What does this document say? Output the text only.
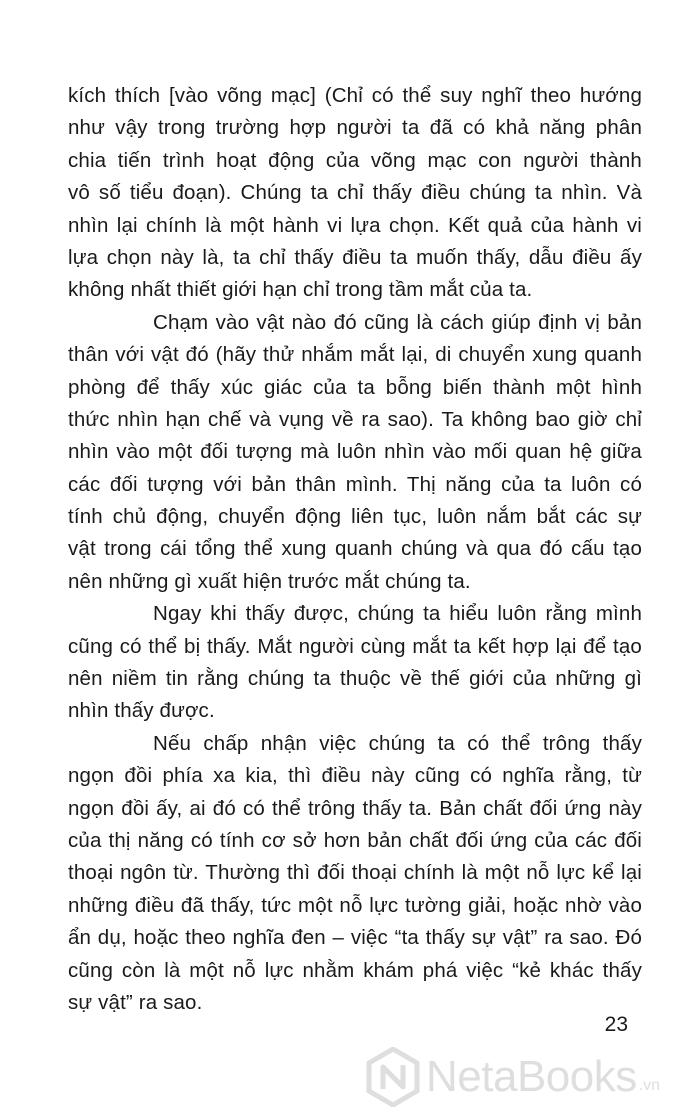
kích thích [vào võng mạc] (Chỉ có thể suy nghĩ theo hướng
như vậy trong trường hợp người ta đã có khả năng phân
chia tiến trình hoạt động của võng mạc con người thành
vô số tiểu đoạn). Chúng ta chỉ thấy điều chúng ta nhìn. Và
nhìn lại chính là một hành vi lựa chọn. Kết quả của hành vi
lựa chọn này là, ta chỉ thấy điều ta muốn thấy, dẫu điều ấy
không nhất thiết giới hạn chỉ trong tầm mắt của ta.
Chạm vào vật nào đó cũng là cách giúp định vị bản
thân với vật đó (hãy thử nhắm mắt lại, di chuyển xung quanh
phòng để thấy xúc giác của ta bỗng biến thành một hình
thức nhìn hạn chế và vụng về ra sao). Ta không bao giờ chỉ
nhìn vào một đối tượng mà luôn nhìn vào mối quan hệ giữa
các đối tượng với bản thân mình. Thị năng của ta luôn có
tính chủ động, chuyển động liên tục, luôn nắm bắt các sự
vật trong cái tổng thể xung quanh chúng và qua đó cấu tạo
nên những gì xuất hiện trước mắt chúng ta.
Ngay khi thấy được, chúng ta hiểu luôn rằng mình
cũng có thể bị thấy. Mắt người cùng mắt ta kết hợp lại để tạo
nên niềm tin rằng chúng ta thuộc về thế giới của những gì
nhìn thấy được.
Nếu chấp nhận việc chúng ta có thể trông thấy
ngọn đồi phía xa kia, thì điều này cũng có nghĩa rằng, từ
ngọn đồi ấy, ai đó có thể trông thấy ta. Bản chất đối ứng này
của thị năng có tính cơ sở hơn bản chất đối ứng của các đối
thoại ngôn từ. Thường thì đối thoại chính là một nỗ lực kể lại
những điều đã thấy, tức một nỗ lực tường giải, hoặc nhờ vào
ẩn dụ, hoặc theo nghĩa đen – việc “ta thấy sự vật” ra sao. Đó
cũng còn là một nỗ lực nhằm khám phá việc “kẻ khác thấy
sự vật” ra sao.
23
NetaBooks .vn
